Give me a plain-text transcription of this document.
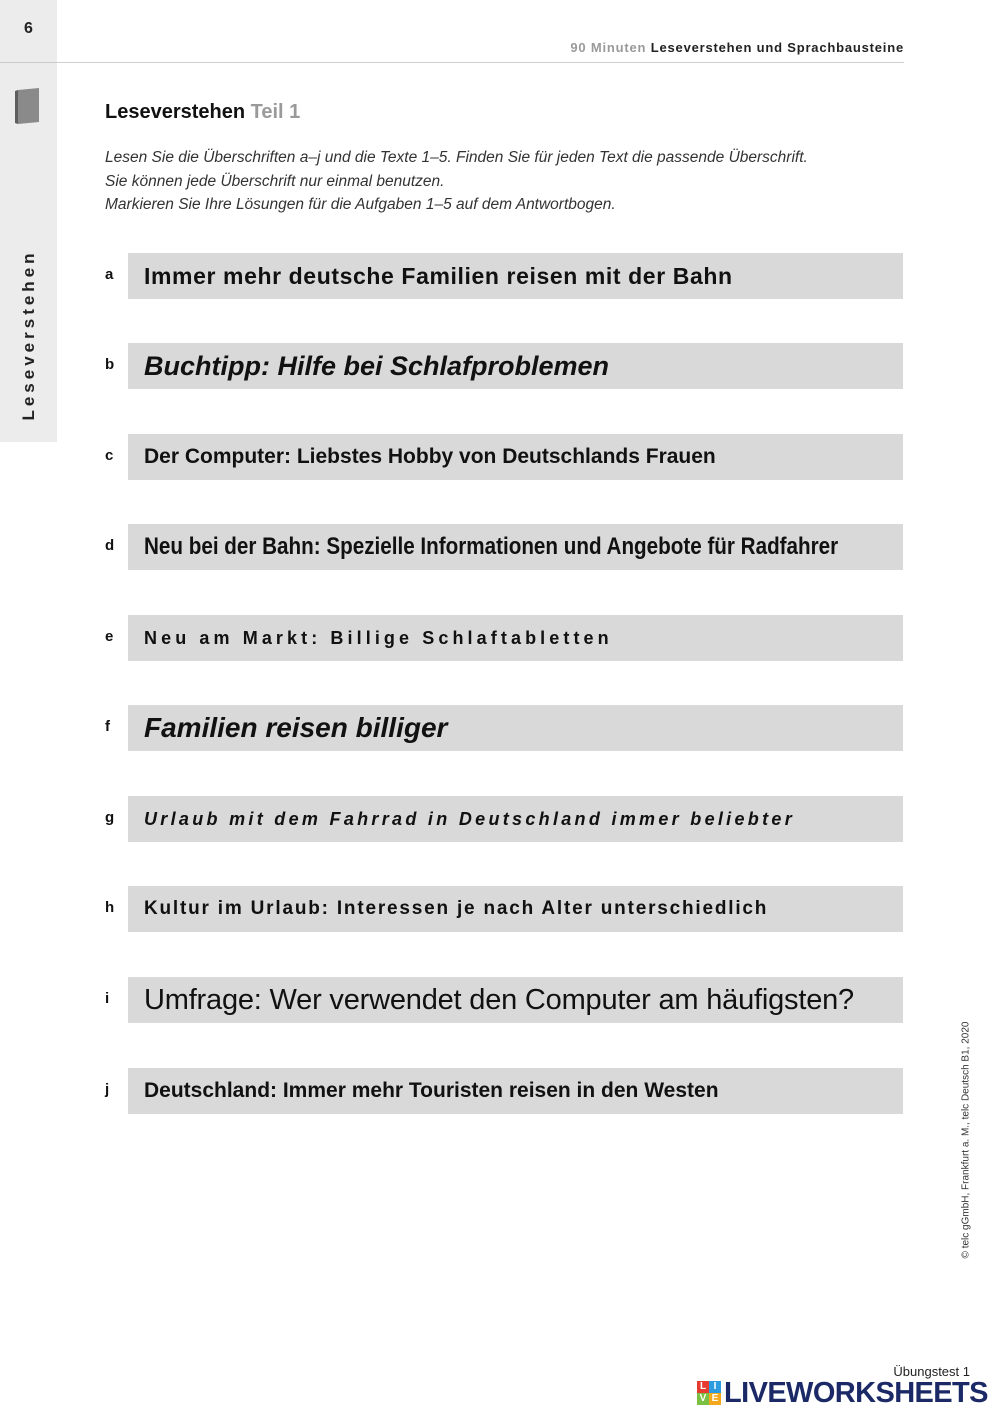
6
Leseverstehen
90 Minuten Leseverstehen und Sprachbausteine
Leseverstehen Teil 1
Lesen Sie die Überschriften a–j und die Texte 1–5. Finden Sie für jeden Text die passende Überschrift.
Sie können jede Überschrift nur einmal benutzen.
Markieren Sie Ihre Lösungen für die Aufgaben 1–5 auf dem Antwortbogen.
a Immer mehr deutsche Familien reisen mit der Bahn
b Buchtipp: Hilfe bei Schlafproblemen
c Der Computer: Liebstes Hobby von Deutschlands Frauen
d Neu bei der Bahn: Spezielle Informationen und Angebote für Radfahrer
e Neu am Markt: Billige Schlaftabletten
f Familien reisen billiger
g Urlaub mit dem Fahrrad in Deutschland immer beliebter
h Kultur im Urlaub: Interessen je nach Alter unterschiedlich
i Umfrage: Wer verwendet den Computer am häufigsten?
j Deutschland: Immer mehr Touristen reisen in den Westen	© telc gGmbH, Frankfurt a. M., telc Deutsch B1, 2020
Übungstest 1
L I
V E LIVEWORKSHEETS
